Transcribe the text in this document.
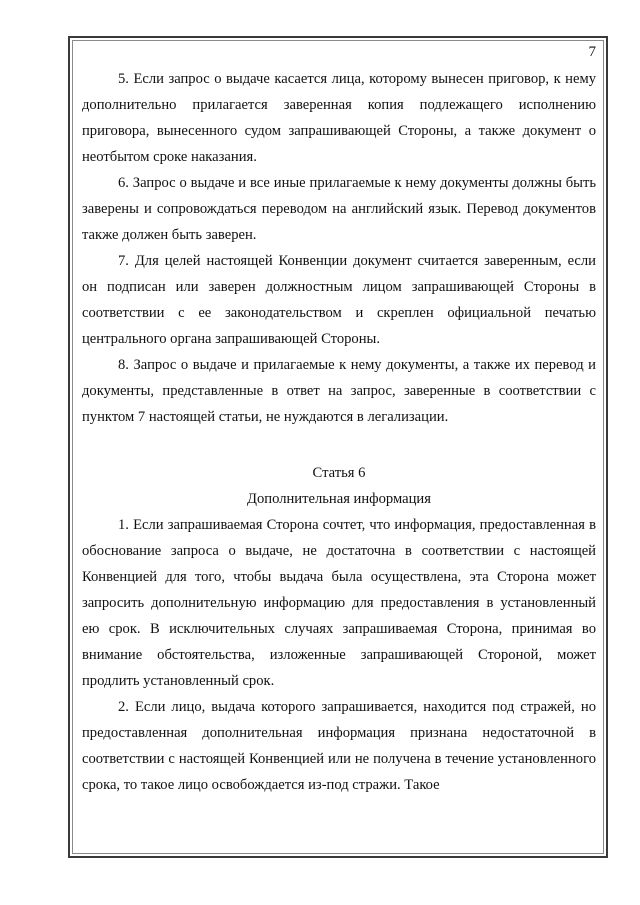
7

5. Если запрос о выдаче касается лица, которому вынесен приговор, к нему дополнительно прилагается заверенная копия подлежащего исполнению приговора, вынесенного судом запрашивающей Стороны, а также документ о неотбытом сроке наказания.

6. Запрос о выдаче и все иные прилагаемые к нему документы должны быть заверены и сопровождаться переводом на английский язык. Перевод документов также должен быть заверен.

7. Для целей настоящей Конвенции документ считается заверенным, если он подписан или заверен должностным лицом запрашивающей Стороны в соответствии с ее законодательством и скреплен официальной печатью центрального органа запрашивающей Стороны.

8. Запрос о выдаче и прилагаемые к нему документы, а также их перевод и документы, представленные в ответ на запрос, заверенные в соответствии с пунктом 7 настоящей статьи, не нуждаются в легализации.

Статья 6

Дополнительная информация

1. Если запрашиваемая Сторона сочтет, что информация, предоставленная в обоснование запроса о выдаче, не достаточна в соответствии с настоящей Конвенцией для того, чтобы выдача была осуществлена, эта Сторона может запросить дополнительную информацию для предоставления в установленный ею срок. В исключительных случаях запрашиваемая Сторона, принимая во внимание обстоятельства, изложенные запрашивающей Стороной, может продлить установленный срок.

2. Если лицо, выдача которого запрашивается, находится под стражей, но предоставленная дополнительная информация признана недостаточной в соответствии с настоящей Конвенцией или не получена в течение установленного срока, то такое лицо освобождается из-под стражи. Такое
